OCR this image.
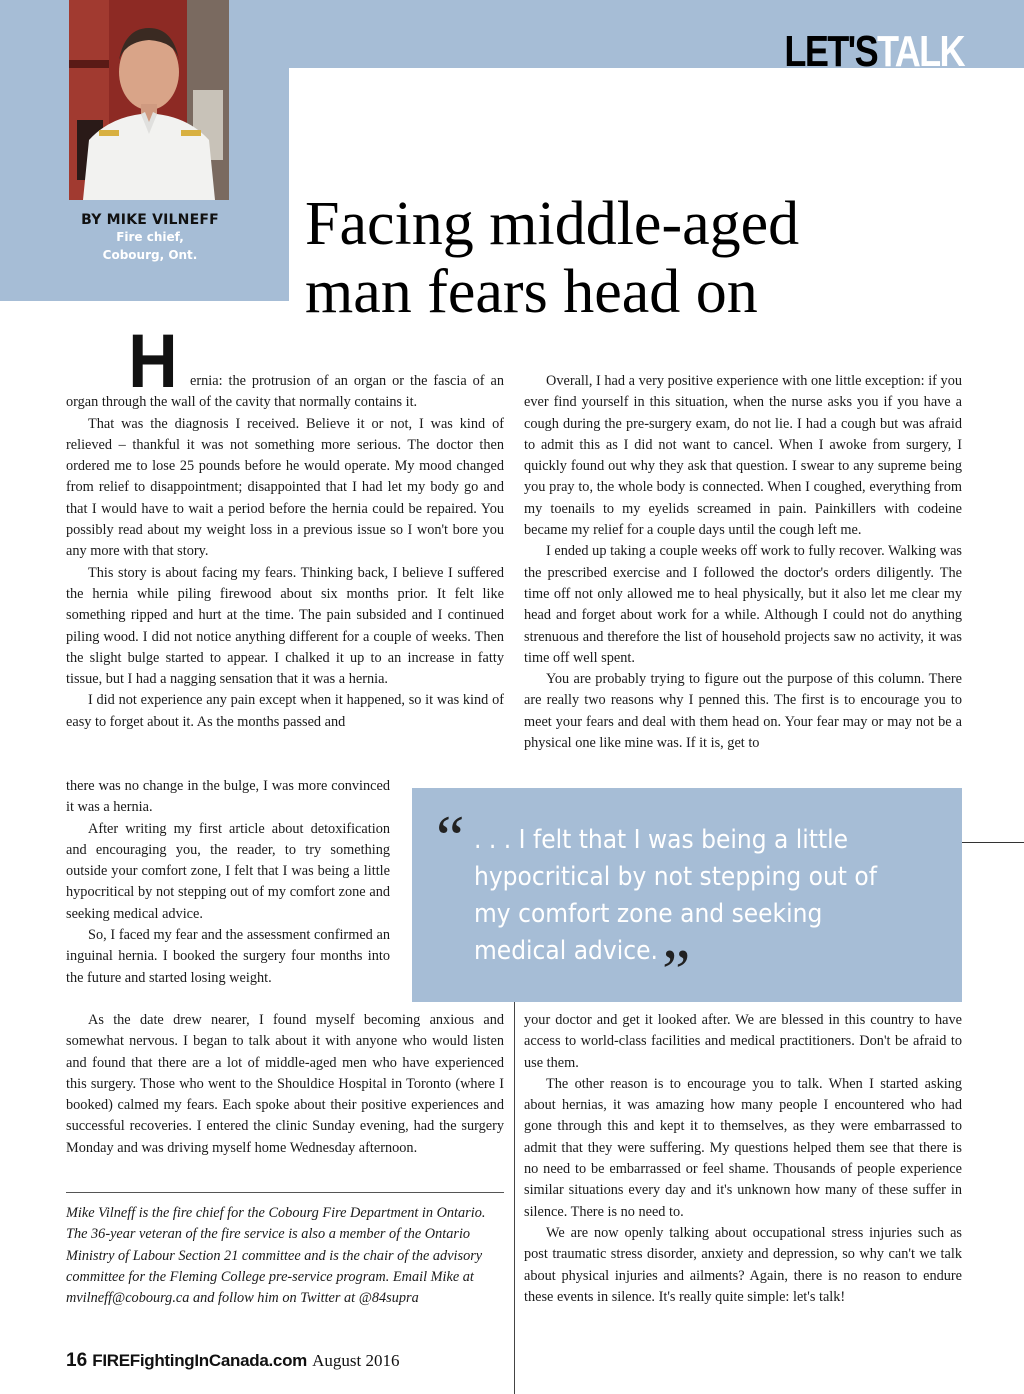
LET'STALK
BY MIKE VILNEFF
Fire chief,
Cobourg, Ont.	Facing middle-aged
man fears head on
H ernia: the protrusion of an organ or the fascia of an organ through the wall of the cavity that normally contains it.

That was the diagnosis I received. Believe it or not, I was kind of relieved – thankful it was not something more serious. The doctor then ordered me to lose 25 pounds before he would operate. My mood changed from relief to disappointment; disappointed that I had let my body go and that I would have to wait a period before the hernia could be repaired. You possibly read about my weight loss in a previous issue so I won't bore you any more with that story.

This story is about facing my fears. Thinking back, I believe I suffered the hernia while piling firewood about six months prior. It felt like something ripped and hurt at the time. The pain subsided and I continued piling wood. I did not notice anything different for a couple of weeks. Then the slight bulge started to appear. I chalked it up to an increase in fatty tissue, but I had a nagging sensation that it was a hernia.

I did not experience any pain except when it happened, so it was kind of easy to forget about it. As the months passed and

there was no change in the bulge, I was more convinced it was a hernia.

After writing my first article about detoxification and encouraging you, the reader, to try something outside your comfort zone, I felt that I was being a little hypocritical by not stepping out of my comfort zone and seeking medical advice.

So, I faced my fear and the assessment confirmed an inguinal hernia. I booked the surgery four months into the future and started losing weight.

As the date drew nearer, I found myself becoming anxious and somewhat nervous. I began to talk about it with anyone who would listen and found that there are a lot of middle-aged men who have experienced this surgery. Those who went to the Shouldice Hospital in Toronto (where I booked) calmed my fears. Each spoke about their positive experiences and successful recoveries. I entered the clinic Sunday evening, had the surgery Monday and was driving myself home Wednesday afternoon.

Mike Vilneff is the fire chief for the Cobourg Fire Department in Ontario. The 36-year veteran of the fire service is also a member of the Ontario Ministry of Labour Section 21 committee and is the chair of the advisory committee for the Fleming College pre-service program. Email Mike at mvilneff@cobourg.ca and follow him on Twitter at @84supra

Overall, I had a very positive experience with one little exception: if you ever find yourself in this situation, when the nurse asks you if you have a cough during the pre-surgery exam, do not lie. I had a cough but was afraid to admit this as I did not want to cancel. When I awoke from surgery, I quickly found out why they ask that question. I swear to any supreme being you pray to, the whole body is connected. When I coughed, everything from my toenails to my eyelids screamed in pain. Painkillers with codeine became my relief for a couple days until the cough left me.

I ended up taking a couple weeks off work to fully recover. Walking was the prescribed exercise and I followed the doctor's orders diligently. The time off not only allowed me to heal physically, but it also let me clear my head and forget about work for a while. Although I could not do anything strenuous and therefore the list of household projects saw no activity, it was time off well spent.

You are probably trying to figure out the purpose of this column. There are really two reasons why I penned this. The first is to encourage you to meet your fears and deal with them head on. Your fear may or may not be a physical one like mine was. If it is, get to

“ . . . I felt that I was being a little hypocritical by not stepping out of my comfort zone and seeking medical advice. ”

your doctor and get it looked after. We are blessed in this country to have access to world-class facilities and medical practitioners. Don't be afraid to use them.

The other reason is to encourage you to talk. When I started asking about hernias, it was amazing how many people I encountered who had gone through this and kept it to themselves, as they were embarrassed to admit that they were suffering. My questions helped them see that there is no need to be embarrassed or feel shame. Thousands of people experience similar situations every day and it's unknown how many of these suffer in silence. There is no need to.

We are now openly talking about occupational stress injuries such as post traumatic stress disorder, anxiety and depression, so why can't we talk about physical injuries and ailments? Again, there is no reason to endure these events in silence. It's really quite simple: let's talk!

16 FIREFightingInCanada.com August 2016
